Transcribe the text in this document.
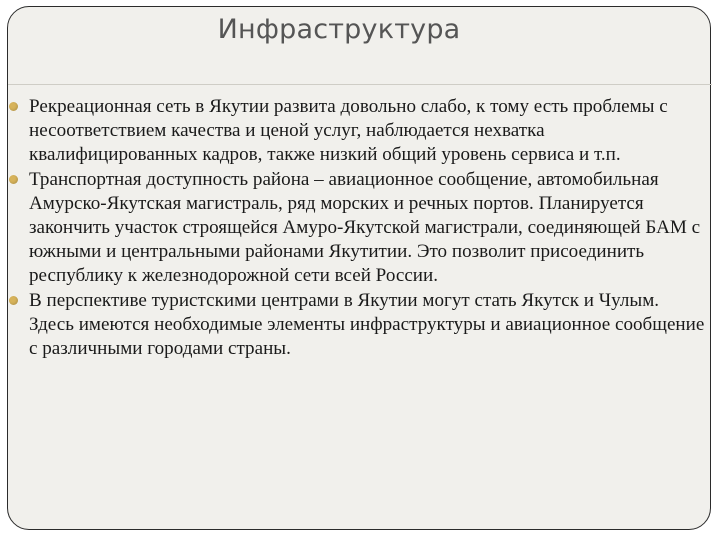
Инфраструктура
Рекреационная сеть в Якутии развита довольно слабо, к тому есть проблемы с несоответствием качества и ценой услуг, наблюдается нехватка квалифицированных кадров, также низкий общий уровень сервиса и т.п.
Транспортная доступность района – авиационное сообщение, автомобильная Амурско-Якутская магистраль, ряд морских и речных портов. Планируется закончить участок строящейся Амуро-Якутской магистрали, соединяющей БАМ с южными и центральными районами Якутитии. Это позволит присоединить республику к железнодорожной сети всей России.
В перспективе туристскими центрами в Якутии могут стать Якутск и Чулым. Здесь имеются необходимые элементы инфраструктуры и авиационное сообщение с различными городами страны.
